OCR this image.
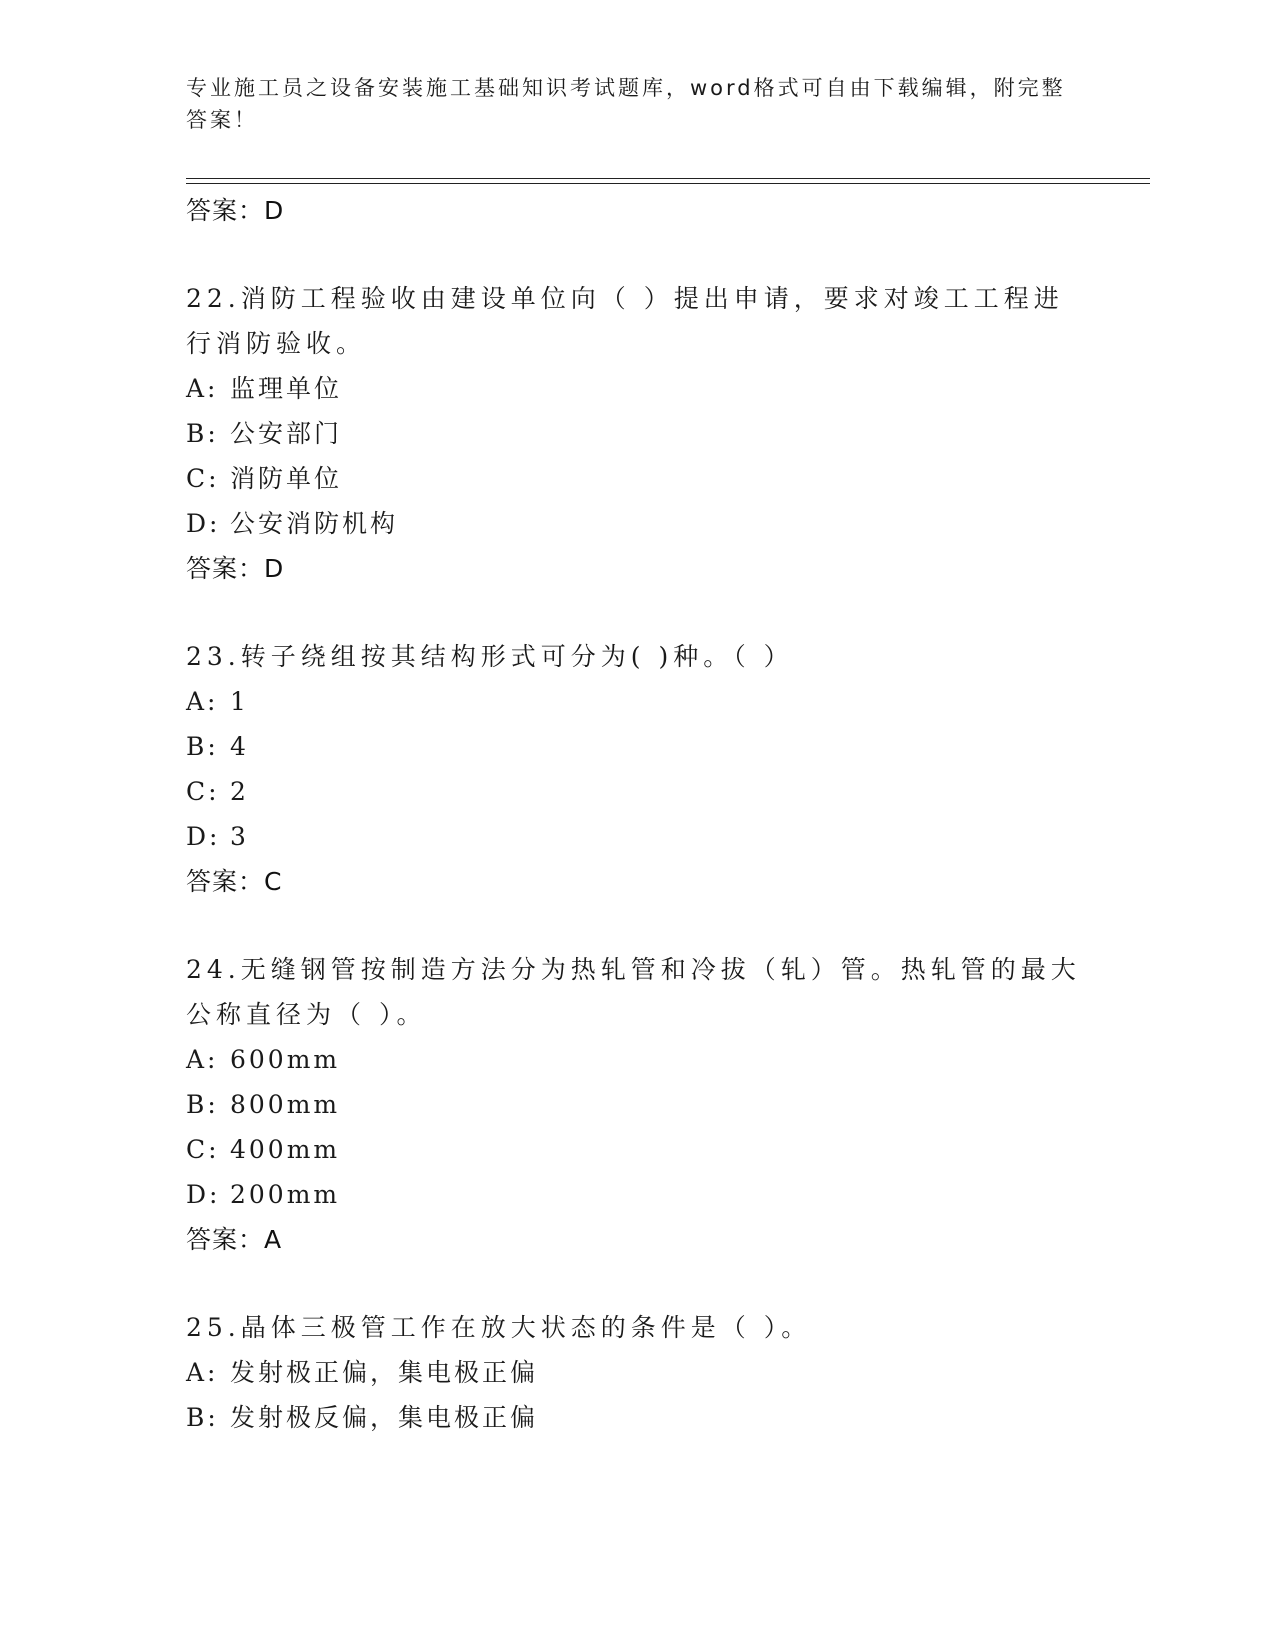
专业施工员之设备安装施工基础知识考试题库，word格式可自由下载编辑，附完整答案！
答案：D
22.消防工程验收由建设单位向（ ）提出申请，要求对竣工工程进行消防验收。
A: 监理单位
B: 公安部门
C: 消防单位
D: 公安消防机构
答案：D
23.转子绕组按其结构形式可分为( )种。（ ）
A: 1
B: 4
C: 2
D: 3
答案：C
24.无缝钢管按制造方法分为热轧管和冷拔（轧）管。热轧管的最大公称直径为（ ）。
A: 600mm
B: 800mm
C: 400mm
D: 200mm
答案：A
25.晶体三极管工作在放大状态的条件是（ ）。
A: 发射极正偏，集电极正偏
B: 发射极反偏，集电极正偏
